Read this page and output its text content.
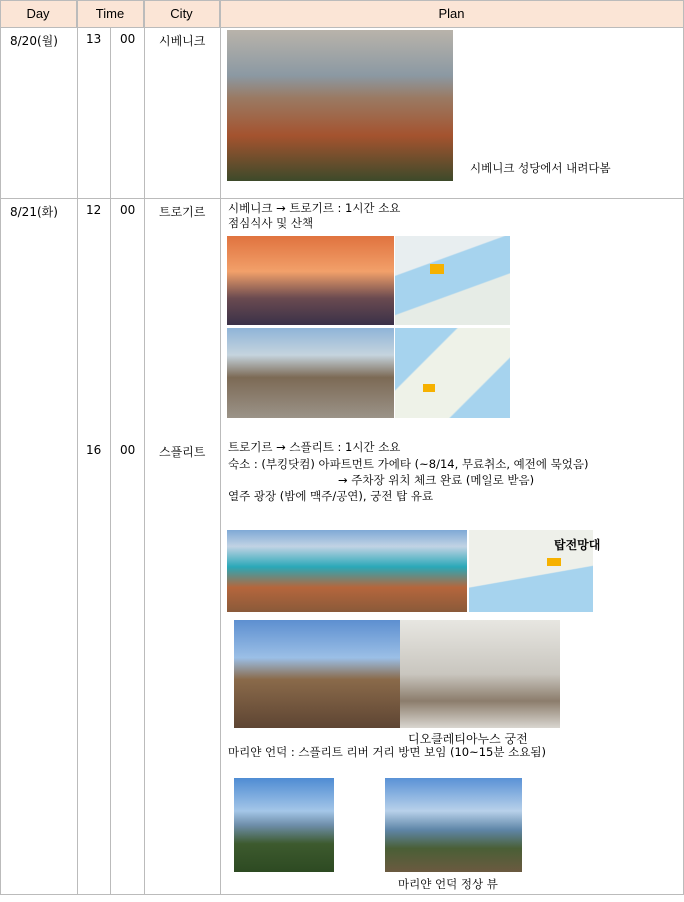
Day	Time	City	Plan
8/20(월) 13 00 시베니크
시베니크 성당에서 내려다봄
8/21(화) 12 00 트로기르 시베니크 → 트로기르 : 1시간 소요
점심식사 및 산책
16 00 스플리트 트로기르 → 스플리트 : 1시간 소요
숙소 : (부킹닷컴) 아파트먼트 가에타 (~8/14, 무료취소, 예전에 묵었음)
→ 주차장 위치 체크 완료 (메일로 받음)
열주 광장 (밤에 맥주/공연), 궁전 탑 유료
탑전망대
디오클레티아누스 궁전
마리얀 언덕 : 스플리트 리버 거리 방면 보임 (10~15분 소요됨)
마리얀 언덕 정상 뷰
